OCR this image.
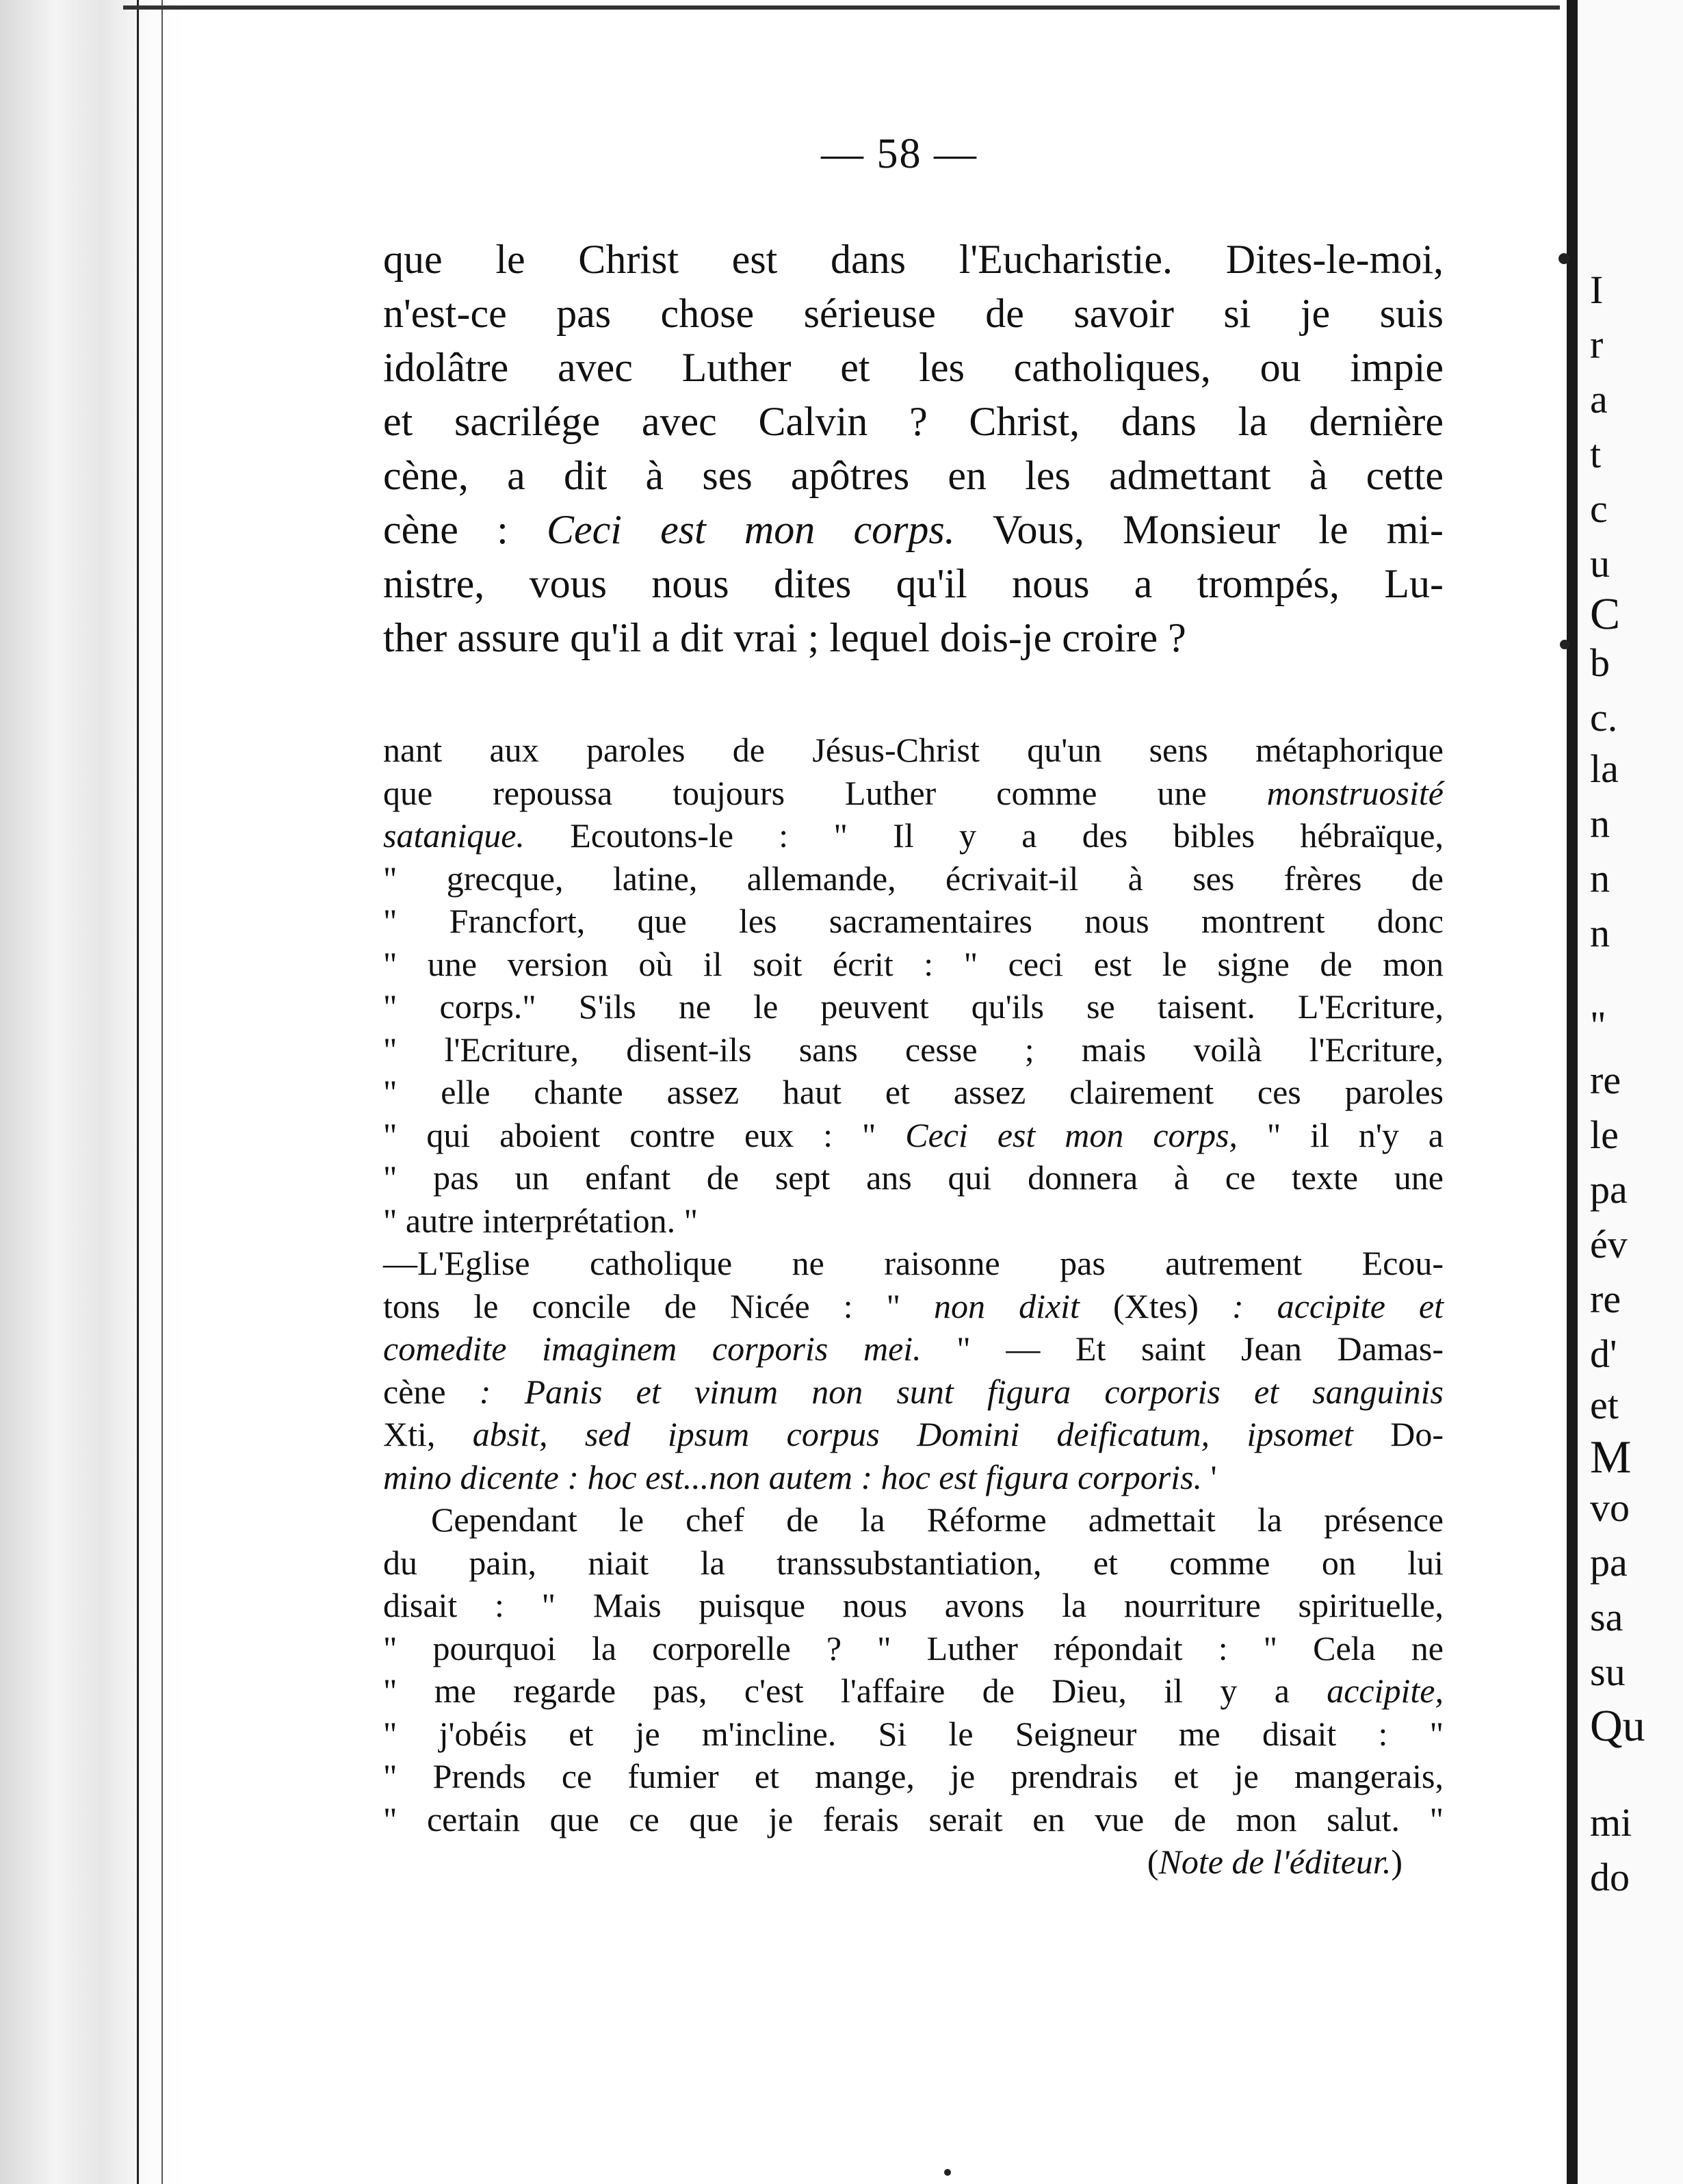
— 58 —
que le Christ est dans l'Eucharistie. Dites-le-moi,
n'est-ce pas chose sérieuse de savoir si je suis
idolâtre avec Luther et les catholiques, ou impie
et sacrilége avec Calvin ? Christ, dans la dernière
cène, a dit à ses apôtres en les admettant à cette
cène : Ceci est mon corps. Vous, Monsieur le mi-
nistre, vous nous dites qu'il nous a trompés, Lu-
ther assure qu'il a dit vrai ; lequel dois-je croire ?
nant aux paroles de Jésus-Christ qu'un sens métaphorique
que repoussa toujours Luther comme une monstruosité
satanique. Ecoutons-le : " Il y a des bibles hébraïque,
" grecque, latine, allemande, écrivait-il à ses frères de
" Francfort, que les sacramentaires nous montrent donc
" une version où il soit écrit : " ceci est le signe de mon
" corps." S'ils ne le peuvent qu'ils se taisent. L'Ecriture,
" l'Ecriture, disent-ils sans cesse ; mais voilà l'Ecriture,
" elle chante assez haut et assez clairement ces paroles
" qui aboient contre eux : " Ceci est mon corps, " il n'y a
" pas un enfant de sept ans qui donnera à ce texte une
" autre interprétation. "
—L'Eglise catholique ne raisonne pas autrement Ecou-
tons le concile de Nicée : " non dixit (Xtes) : accipite et
comedite imaginem corporis mei. " — Et saint Jean Damas-
cène : Panis et vinum non sunt figura corporis et sanguinis
Xti, absit, sed ipsum corpus Domini deificatum, ipsomet Do-
mino dicente : hoc est...non autem : hoc est figura corporis. '
Cependant le chef de la Réforme admettait la présence
du pain, niait la transsubstantiation, et comme on lui
disait : " Mais puisque nous avons la nourriture spirituelle,
" pourquoi la corporelle ? " Luther répondait : " Cela ne
" me regarde pas, c'est l'affaire de Dieu, il y a accipite,
" j'obéis et je m'incline. Si le Seigneur me disait : "
" Prends ce fumier et mange, je prendrais et je mangerais,
" certain que ce que je ferais serait en vue de mon salut. "
(Note de l'éditeur.)
I
r
a
t
c
u
C
b
c.
la
n
n
n
"
re
le
pa
év
re
d'
et
M
vo
pa
sa
su
Qu
mi
do
